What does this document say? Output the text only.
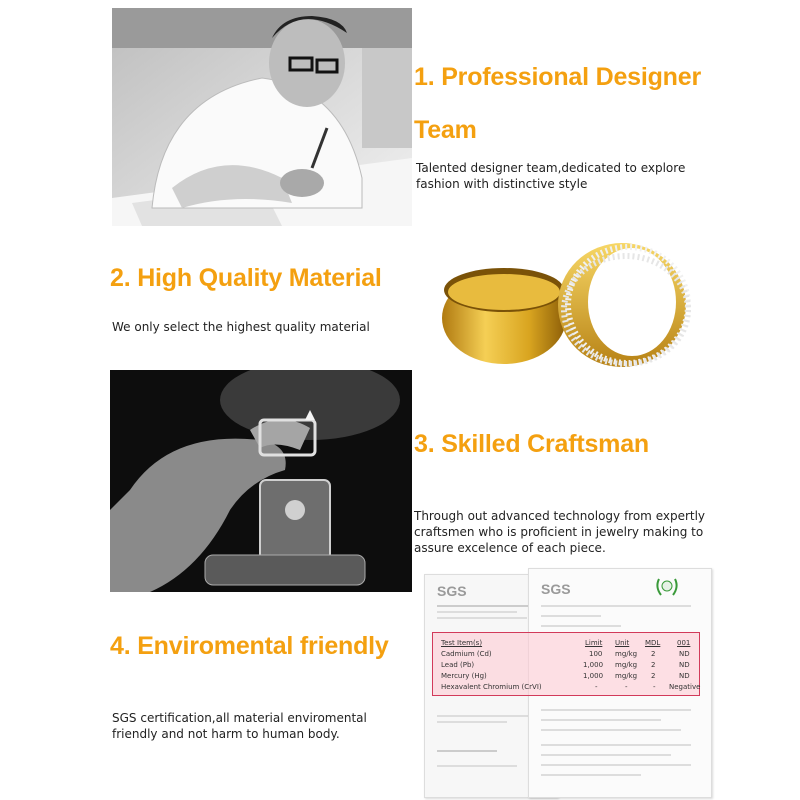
1. Professional Designer
Team
Talented designer team,dedicated to explore fashion with distinctive style
2. High Quality Material
We only select the highest quality material
3. Skilled Craftsman
Through out advanced technology from expertly craftsmen who is proficient in jewelry making to assure excelence of each piece.
4. Enviromental friendly
SGS certification,all material enviromental friendly and not harm to human body.
SGS	SGS
Test Item(s)	Limit Unit MDL 001
Cadmium (Cd)	100 mg/kg 2	ND
Lead (Pb)	1,000 mg/kg 2	ND
Mercury (Hg)	1,000 mg/kg 2	ND
Hexavalent Chromium (CrVI)	-	-	- Negative
